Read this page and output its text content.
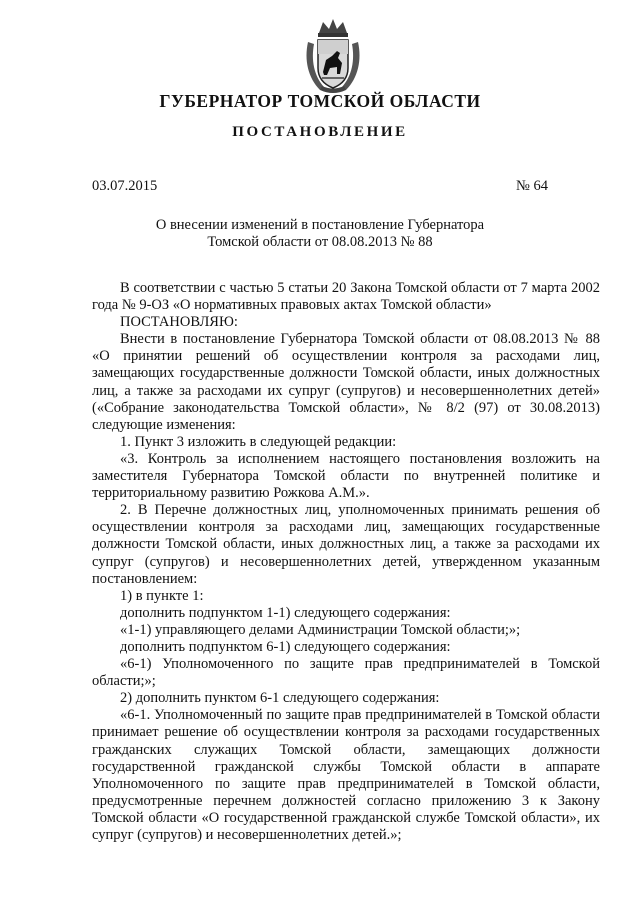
ГУБЕРНАТОР ТОМСКОЙ ОБЛАСТИ
ПОСТАНОВЛЕНИЕ
03.07.2015	№ 64
О внесении изменений в постановление Губернатора
Томской области от 08.08.2013 № 88

В соответствии с частью 5 статьи 20 Закона Томской области от 7 марта 2002 года № 9-ОЗ «О нормативных правовых актах Томской области»

ПОСТАНОВЛЯЮ:

Внести в постановление Губернатора Томской области от 08.08.2013 № 88 «О принятии решений об осуществлении контроля за расходами лиц, замещающих государственные должности Томской области, иных должностных лиц, а также за расходами их супруг (супругов) и несовершеннолетних детей» («Собрание законодательства Томской области», № 8/2 (97) от 30.08.2013) следующие изменения:

1. Пункт 3 изложить в следующей редакции:

«3. Контроль за исполнением настоящего постановления возложить на заместителя Губернатора Томской области по внутренней политике и территориальному развитию Рожкова А.М.».

2. В Перечне должностных лиц, уполномоченных принимать решения об осуществлении контроля за расходами лиц, замещающих государственные должности Томской области, иных должностных лиц, а также за расходами их супруг (супругов) и несовершеннолетних детей, утвержденном указанным постановлением:

1) в пункте 1:

дополнить подпунктом 1-1) следующего содержания:

«1-1) управляющего делами Администрации Томской области;»;

дополнить подпунктом 6-1) следующего содержания:

«6-1) Уполномоченного по защите прав предпринимателей в Томской области;»;

2) дополнить пунктом 6-1 следующего содержания:

«6-1. Уполномоченный по защите прав предпринимателей в Томской области принимает решение об осуществлении контроля за расходами государственных гражданских служащих Томской области, замещающих должности государственной гражданской службы Томской области в аппарате Уполномоченного по защите прав предпринимателей в Томской области, предусмотренные перечнем должностей согласно приложению 3 к Закону Томской области «О государственной гражданской службе Томской области», их супруг (супругов) и несовершеннолетних детей.»;
